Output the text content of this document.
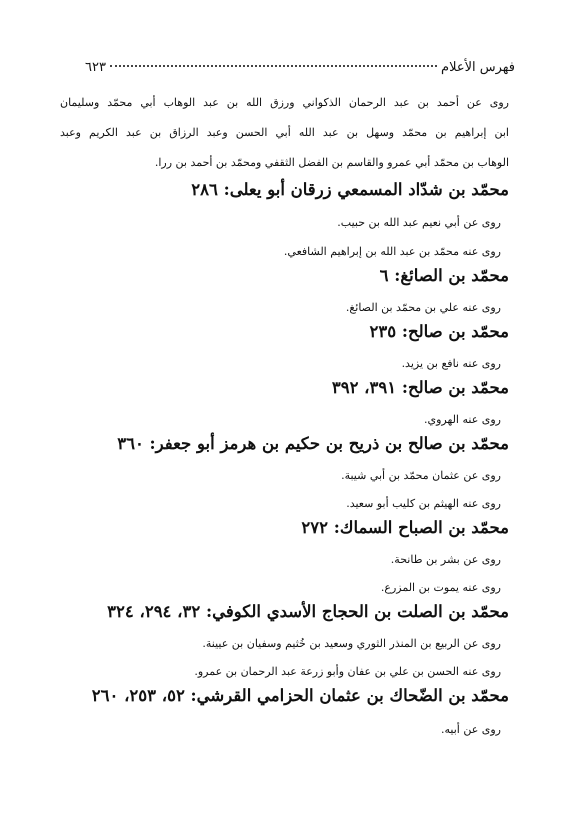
فهرس الأعلام
٦٢٣
روى عن أحمد بن عبد الرحمان الذكواني ورزق الله بن عبد الوهاب أبي محمّد وسليمان
ابن إبراهيم بن محمّد وسهل بن عبد الله أبي الحسن وعبد الرزاق بن عبد الكريم وعبد
الوهاب بن محمّد أبي عمرو والقاسم بن الفضل الثقفي ومحمّد بن أحمد بن ررا.
محمّد بن شدّاد المسمعي زرقان أبو يعلى: ٢٨٦
روى عن أبي نعيم عبد الله بن حبيب.
روى عنه محمّد بن عبد الله بن إبراهيم الشافعي.
محمّد بن الصائغ: ٦
روى عنه علي بن محمّد بن الصائغ.
محمّد بن صالح: ٢٣٥
روى عنه نافع بن يزيد.
محمّد بن صالح: ٣٩١، ٣٩٢
روى عنه الهروي.
محمّد بن صالح بن ذريح بن حكيم بن هرمز أبو جعفر: ٣٦٠
روى عن عثمان محمّد بن أبي شيبة.
روى عنه الهيثم بن كليب أبو سعيد.
محمّد بن الصباح السماك: ٢٧٢
روى عن بشر بن طانحة.
روى عنه يموت بن المزرع.
محمّد بن الصلت بن الحجاج الأسدي الكوفي: ٣٢، ٢٩٤، ٣٢٤
روى عن الربيع بن المنذر الثوري وسعيد بن خُثيم وسفيان بن عيينة.
روى عنه الحسن بن علي بن عفان وأبو زرعة عبد الرحمان بن عمرو.
محمّد بن الضّحاك بن عثمان الحزامي القرشي: ٥٢، ٢٥٣، ٢٦٠
روى عن أبيه.
